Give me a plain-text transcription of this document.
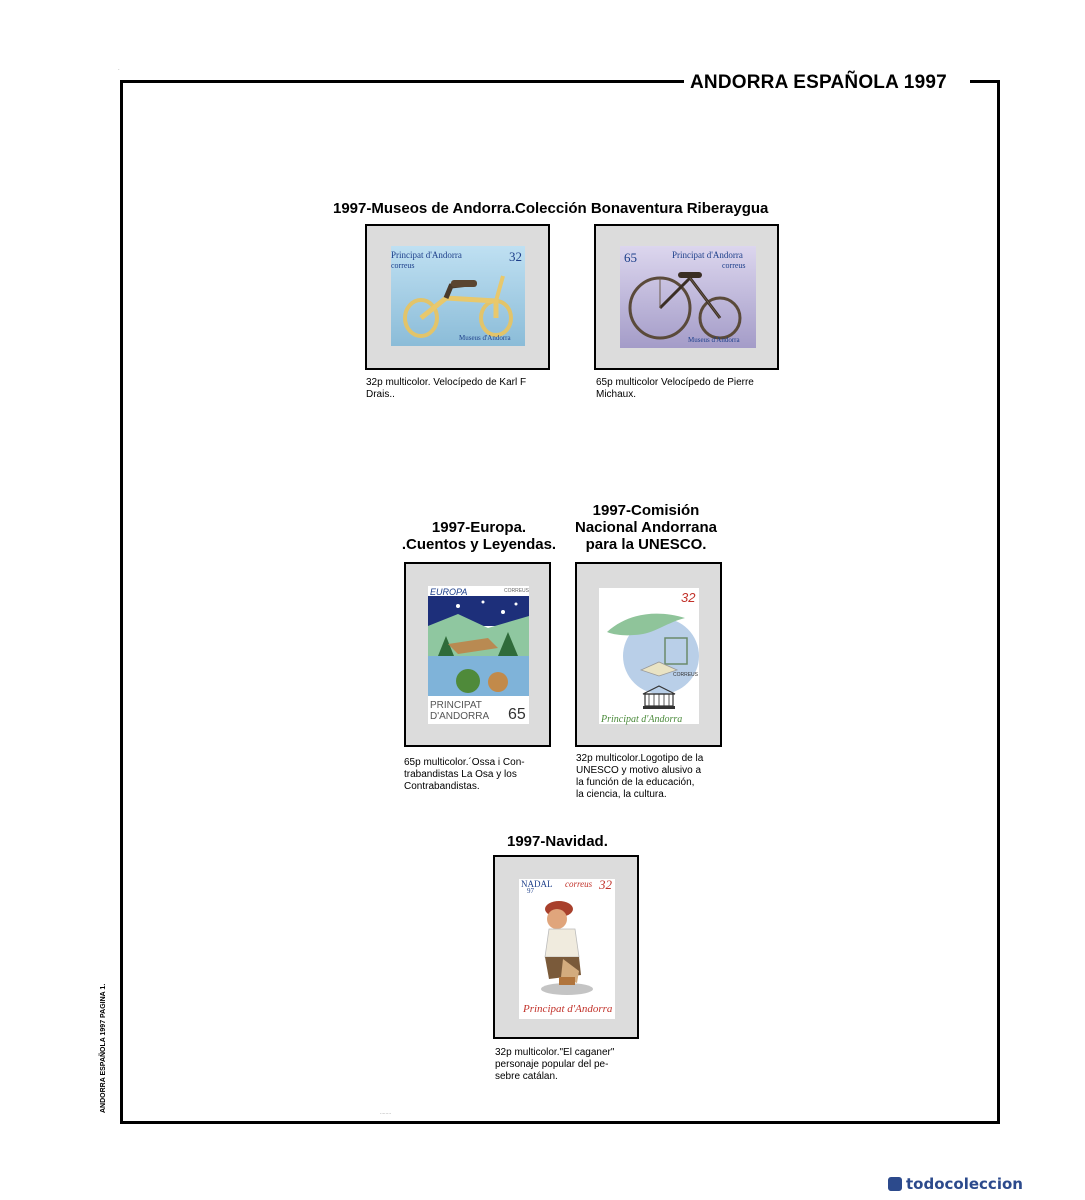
.
ANDORRA ESPAÑOLA 1997
ANDORRA ESPAÑOLA 1997 PAGINA 1.
1997-Museos de Andorra.Colección Bonaventura Riberaygua
Principat d'Andorra
correus
32
Museus d'Andorra
32p multicolor. Velocípedo de Karl F
Drais..
65	Principat d'Andorra
correus
Museus d'Andorra
65p multicolor Velocípedo de Pierre
Michaux.
1997-Europa.
.Cuentos y Leyendas.
EUROPA	CORREUS
PRINCIPAT
D'ANDORRA 65
65p multicolor.´Ossa i Con-
trabandistas La Osa y los
Contrabandistas.
1997-Comisión
Nacional Andorrana
para la UNESCO.
32
CORREUS
Principat d'Andorra
32p multicolor.Logotipo de la
UNESCO y motivo alusivo a
la función de la educación,
la ciencia, la cultura.
1997-Navidad.
NADAL
97
correus 32
Principat d'Andorra
32p multicolor."El caganer"
personaje popular del pe-
sebre catálan.
........
todocoleccion
